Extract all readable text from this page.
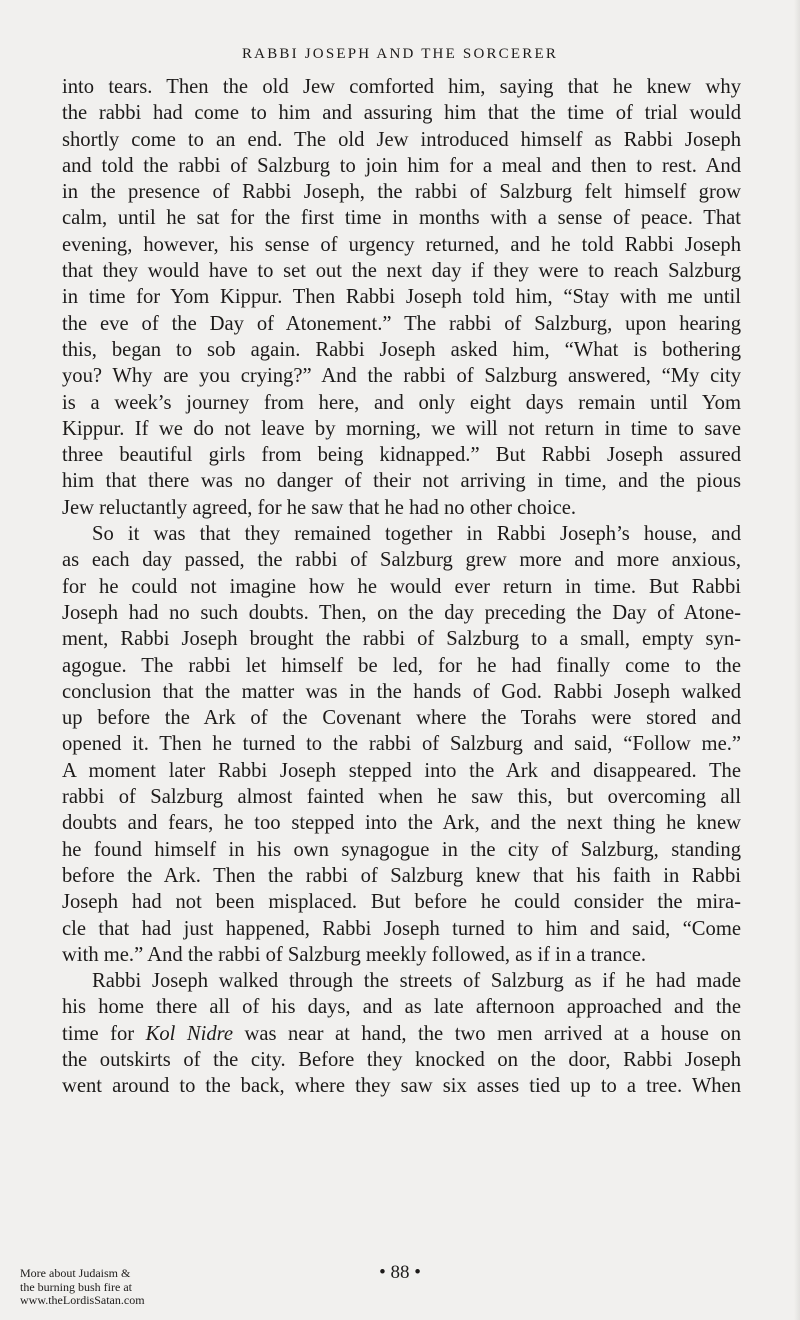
RABBI JOSEPH AND THE SORCERER
into tears. Then the old Jew comforted him, saying that he knew why
the rabbi had come to him and assuring him that the time of trial would
shortly come to an end. The old Jew introduced himself as Rabbi Joseph
and told the rabbi of Salzburg to join him for a meal and then to rest. And
in the presence of Rabbi Joseph, the rabbi of Salzburg felt himself grow
calm, until he sat for the first time in months with a sense of peace. That
evening, however, his sense of urgency returned, and he told Rabbi Joseph
that they would have to set out the next day if they were to reach Salzburg
in time for Yom Kippur. Then Rabbi Joseph told him, “Stay with me until
the eve of the Day of Atonement.” The rabbi of Salzburg, upon hearing
this, began to sob again. Rabbi Joseph asked him, “What is bothering
you? Why are you crying?” And the rabbi of Salzburg answered, “My city
is a week’s journey from here, and only eight days remain until Yom
Kippur. If we do not leave by morning, we will not return in time to save
three beautiful girls from being kidnapped.” But Rabbi Joseph assured
him that there was no danger of their not arriving in time, and the pious
Jew reluctantly agreed, for he saw that he had no other choice.
So it was that they remained together in Rabbi Joseph’s house, and
as each day passed, the rabbi of Salzburg grew more and more anxious,
for he could not imagine how he would ever return in time. But Rabbi
Joseph had no such doubts. Then, on the day preceding the Day of Atone-
ment, Rabbi Joseph brought the rabbi of Salzburg to a small, empty syn-
agogue. The rabbi let himself be led, for he had finally come to the
conclusion that the matter was in the hands of God. Rabbi Joseph walked
up before the Ark of the Covenant where the Torahs were stored and
opened it. Then he turned to the rabbi of Salzburg and said, “Follow me.”
A moment later Rabbi Joseph stepped into the Ark and disappeared. The
rabbi of Salzburg almost fainted when he saw this, but overcoming all
doubts and fears, he too stepped into the Ark, and the next thing he knew
he found himself in his own synagogue in the city of Salzburg, standing
before the Ark. Then the rabbi of Salzburg knew that his faith in Rabbi
Joseph had not been misplaced. But before he could consider the mira-
cle that had just happened, Rabbi Joseph turned to him and said, “Come
with me.” And the rabbi of Salzburg meekly followed, as if in a trance.
Rabbi Joseph walked through the streets of Salzburg as if he had made
his home there all of his days, and as late afternoon approached and the
time for Kol Nidre was near at hand, the two men arrived at a house on
the outskirts of the city. Before they knocked on the door, Rabbi Joseph
went around to the back, where they saw six asses tied up to a tree. When
• 88 •
More about Judaism &
the burning bush fire at
www.theLordisSatan.com
